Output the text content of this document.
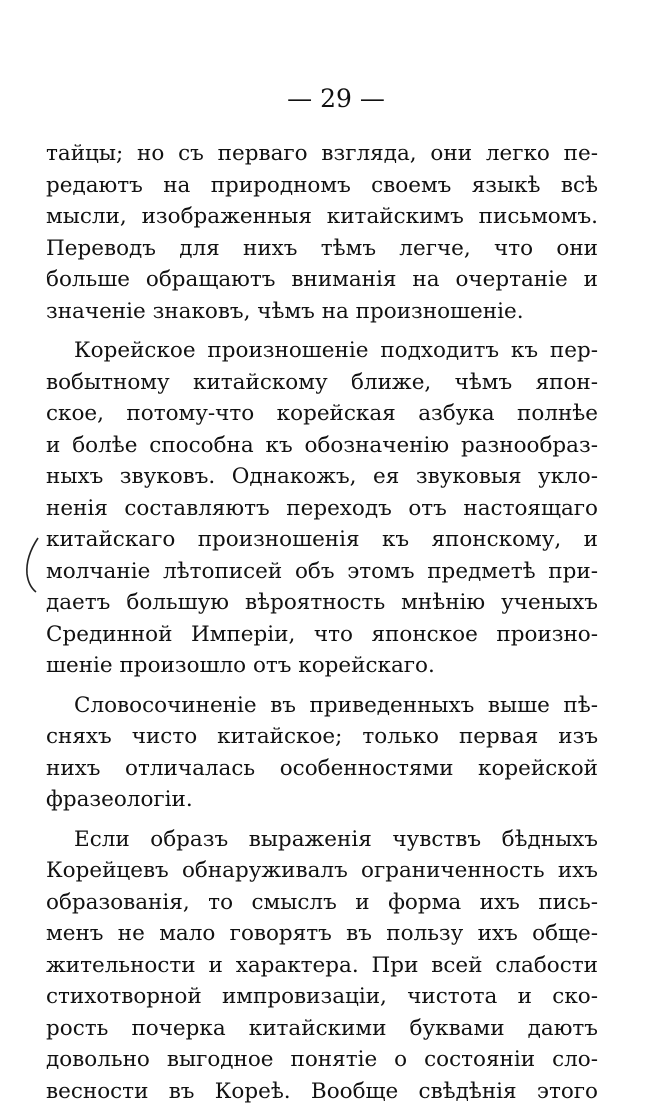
— 29 —
тайцы; но съ перваго взгляда, они легко пе-
редаютъ на природномъ своемъ языкѣ всѣ
мысли, изображенныя китайскимъ письмомъ.
Переводъ для нихъ тѣмъ легче, что они
больше обращаютъ вниманія на очертаніе и
значеніе знаковъ, чѣмъ на произношеніе.
Корейское произношеніе подходитъ къ пер-
вобытному китайскому ближе, чѣмъ япон-
ское, потому-что корейская азбука полнѣе
и болѣе способна къ обозначенію разнообраз-
ныхъ звуковъ. Однакожъ, ея звуковыя укло-
ненія составляютъ переходъ отъ настоящаго
китайскаго произношенія къ японскому, и
молчаніе лѣтописей объ этомъ предметѣ при-
даетъ большую вѣроятность мнѣнію ученыхъ
Срединной Имперіи, что японское произно-
шеніе произошло отъ корейскаго.
Словосочиненіе въ приведенныхъ выше пѣ-
сняхъ чисто китайское; только первая изъ
нихъ отличалась особенностями корейской
фразеологіи.
Если образъ выраженія чувствъ бѣдныхъ
Корейцевъ обнаруживалъ ограниченность ихъ
образованія, то смыслъ и форма ихъ пись-
менъ не мало говорятъ въ пользу ихъ обще-
жительности и характера. При всей слабости
стихотворной импровизаціи, чистота и ско-
рость почерка китайскими буквами даютъ
довольно выгодное понятіе о состояніи сло-
весности въ Кореѣ. Вообще свѣдѣнія этого
